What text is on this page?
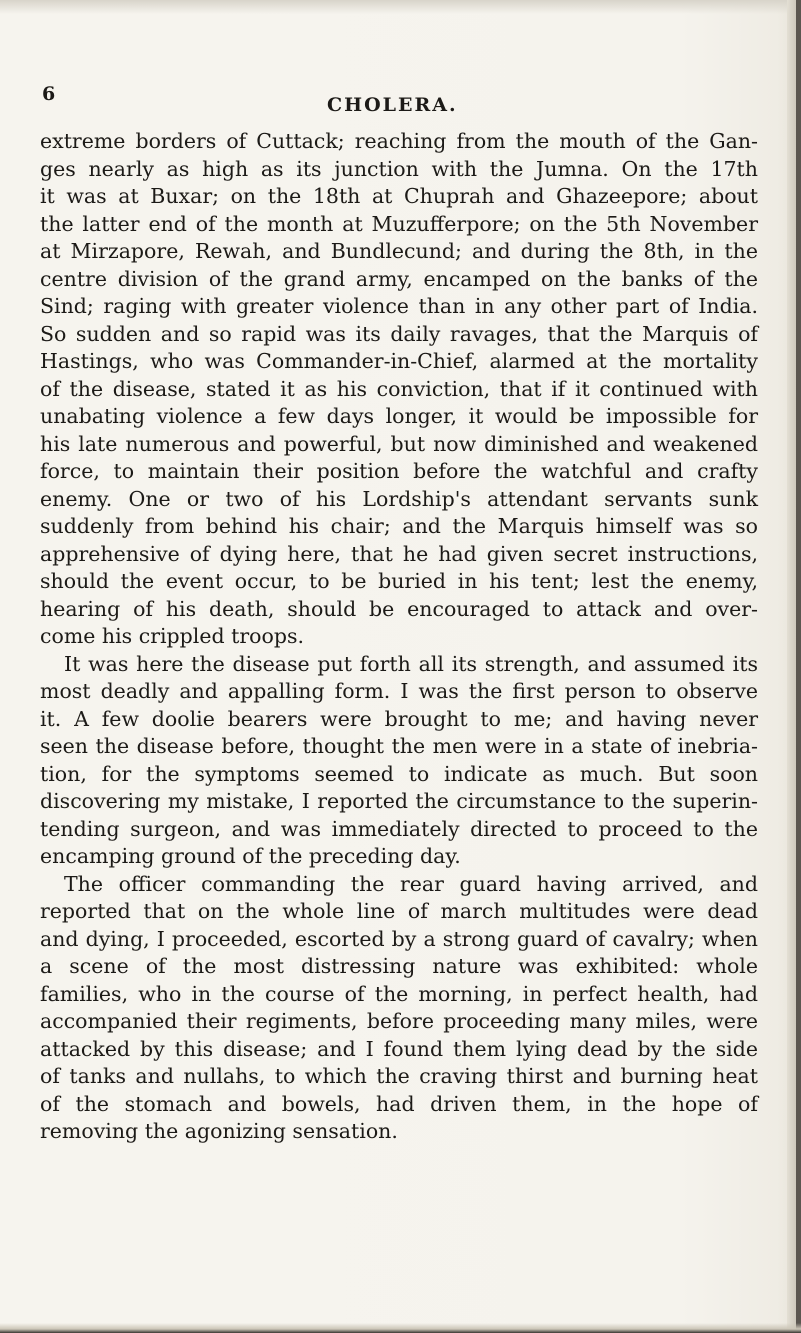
6	CHOLERA.
extreme borders of Cuttack; reaching from the mouth of the Gan-
ges nearly as high as its junction with the Jumna. On the 17th
it was at Buxar; on the 18th at Chuprah and Ghazeepore; about
the latter end of the month at Muzufferpore; on the 5th November
at Mirzapore, Rewah, and Bundlecund; and during the 8th, in the
centre division of the grand army, encamped on the banks of the
Sind; raging with greater violence than in any other part of India.
So sudden and so rapid was its daily ravages, that the Marquis of
Hastings, who was Commander-in-Chief, alarmed at the mortality
of the disease, stated it as his conviction, that if it continued with
unabating violence a few days longer, it would be impossible for
his late numerous and powerful, but now diminished and weakened
force, to maintain their position before the watchful and crafty
enemy. One or two of his Lordship's attendant servants sunk
suddenly from behind his chair; and the Marquis himself was so
apprehensive of dying here, that he had given secret instructions,
should the event occur, to be buried in his tent; lest the enemy,
hearing of his death, should be encouraged to attack and over-
come his crippled troops.
It was here the disease put forth all its strength, and assumed its
most deadly and appalling form. I was the first person to observe
it. A few doolie bearers were brought to me; and having never
seen the disease before, thought the men were in a state of inebria-
tion, for the symptoms seemed to indicate as much. But soon
discovering my mistake, I reported the circumstance to the superin-
tending surgeon, and was immediately directed to proceed to the
encamping ground of the preceding day.
The officer commanding the rear guard having arrived, and
reported that on the whole line of march multitudes were dead
and dying, I proceeded, escorted by a strong guard of cavalry; when
a scene of the most distressing nature was exhibited: whole
families, who in the course of the morning, in perfect health, had
accompanied their regiments, before proceeding many miles, were
attacked by this disease; and I found them lying dead by the side
of tanks and nullahs, to which the craving thirst and burning heat
of the stomach and bowels, had driven them, in the hope of
removing the agonizing sensation.
